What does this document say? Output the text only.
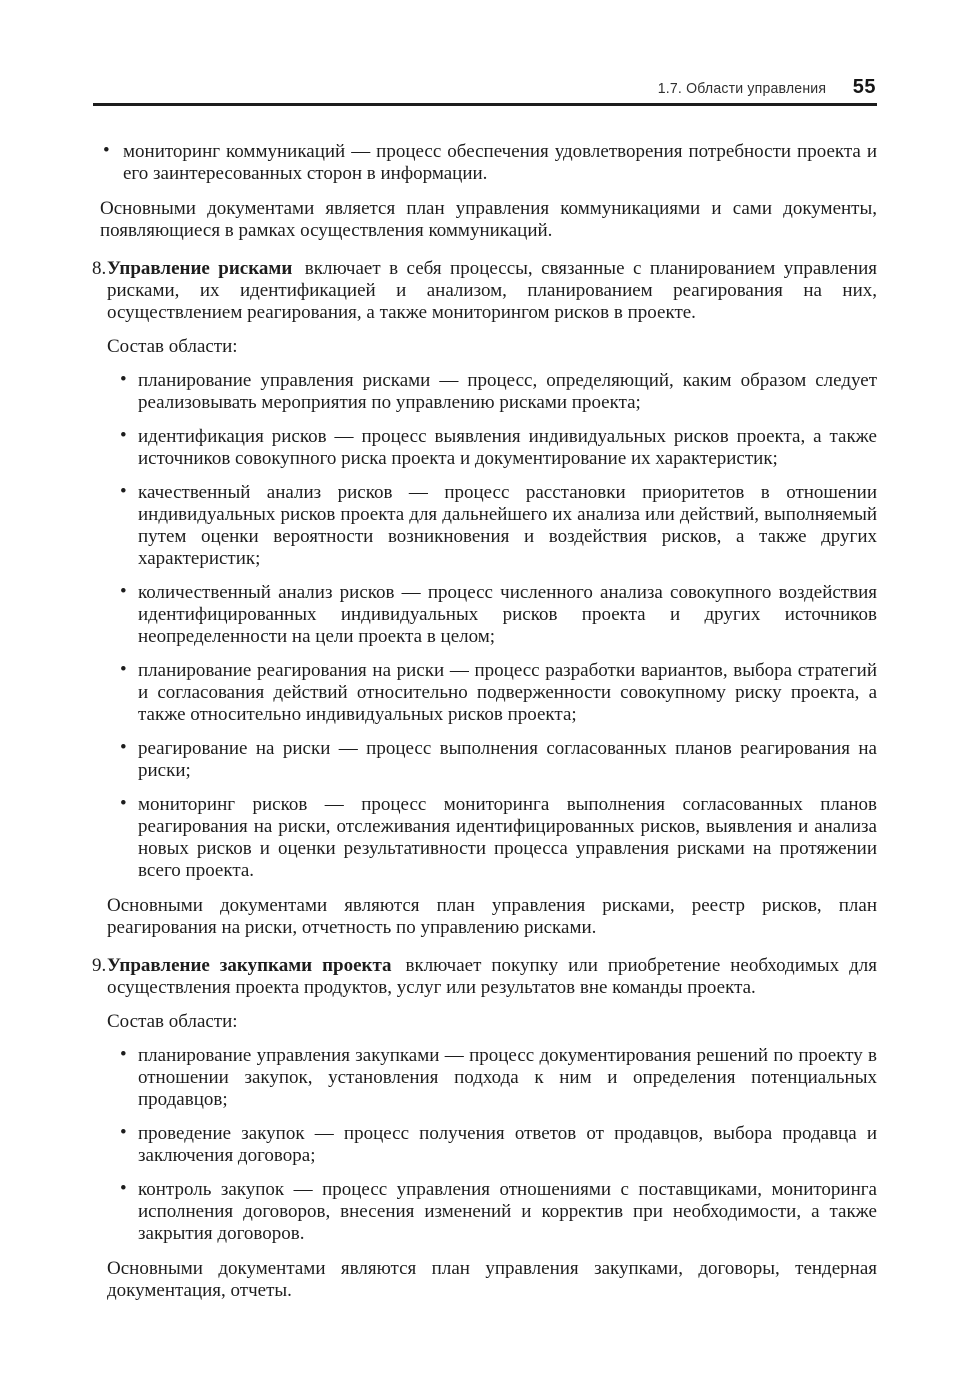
1.7. Области управления 55
• мониторинг коммуникаций — процесс обеспечения удовлетворения потребности проекта и его заинтересованных сторон в информации.

Основными документами является план управления коммуникациями и сами документы, появляющиеся в рамках осуществления коммуникаций.

8. Управление рисками включает в себя процессы, связанные с планированием управления рисками, их идентификацией и анализом, планированием реагирования на них, осуществлением реагирования, а также мониторингом рисков в проекте.

Состав области:

• планирование управления рисками — процесс, определяющий, каким образом следует реализовывать мероприятия по управлению рисками проекта;
• идентификация рисков — процесс выявления индивидуальных рисков проекта, а также источников совокупного риска проекта и документирование их характеристик;
• качественный анализ рисков — процесс расстановки приоритетов в отношении индивидуальных рисков проекта для дальнейшего их анализа или действий, выполняемый путем оценки вероятности возникновения и воздействия рисков, а также других характеристик;
• количественный анализ рисков — процесс численного анализа совокупного воздействия идентифицированных индивидуальных рисков проекта и других источников неопределенности на цели проекта в целом;
• планирование реагирования на риски — процесс разработки вариантов, выбора стратегий и согласования действий относительно подверженности совокупному риску проекта, а также относительно индивидуальных рисков проекта;
• реагирование на риски — процесс выполнения согласованных планов реагирования на риски;
• мониторинг рисков — процесс мониторинга выполнения согласованных планов реагирования на риски, отслеживания идентифицированных рисков, выявления и анализа новых рисков и оценки результативности процесса управления рисками на протяжении всего проекта.

Основными документами являются план управления рисками, реестр рисков, план реагирования на риски, отчетность по управлению рисками.

9. Управление закупками проекта включает покупку или приобретение необходимых для осуществления проекта продуктов, услуг или результатов вне команды проекта.

Состав области:

• планирование управления закупками — процесс документирования решений по проекту в отношении закупок, установления подхода к ним и определения потенциальных продавцов;
• проведение закупок — процесс получения ответов от продавцов, выбора продавца и заключения договора;
• контроль закупок — процесс управления отношениями с поставщиками, мониторинга исполнения договоров, внесения изменений и корректив при необходимости, а также закрытия договоров.

Основными документами являются план управления закупками, договоры, тендерная документация, отчеты.
